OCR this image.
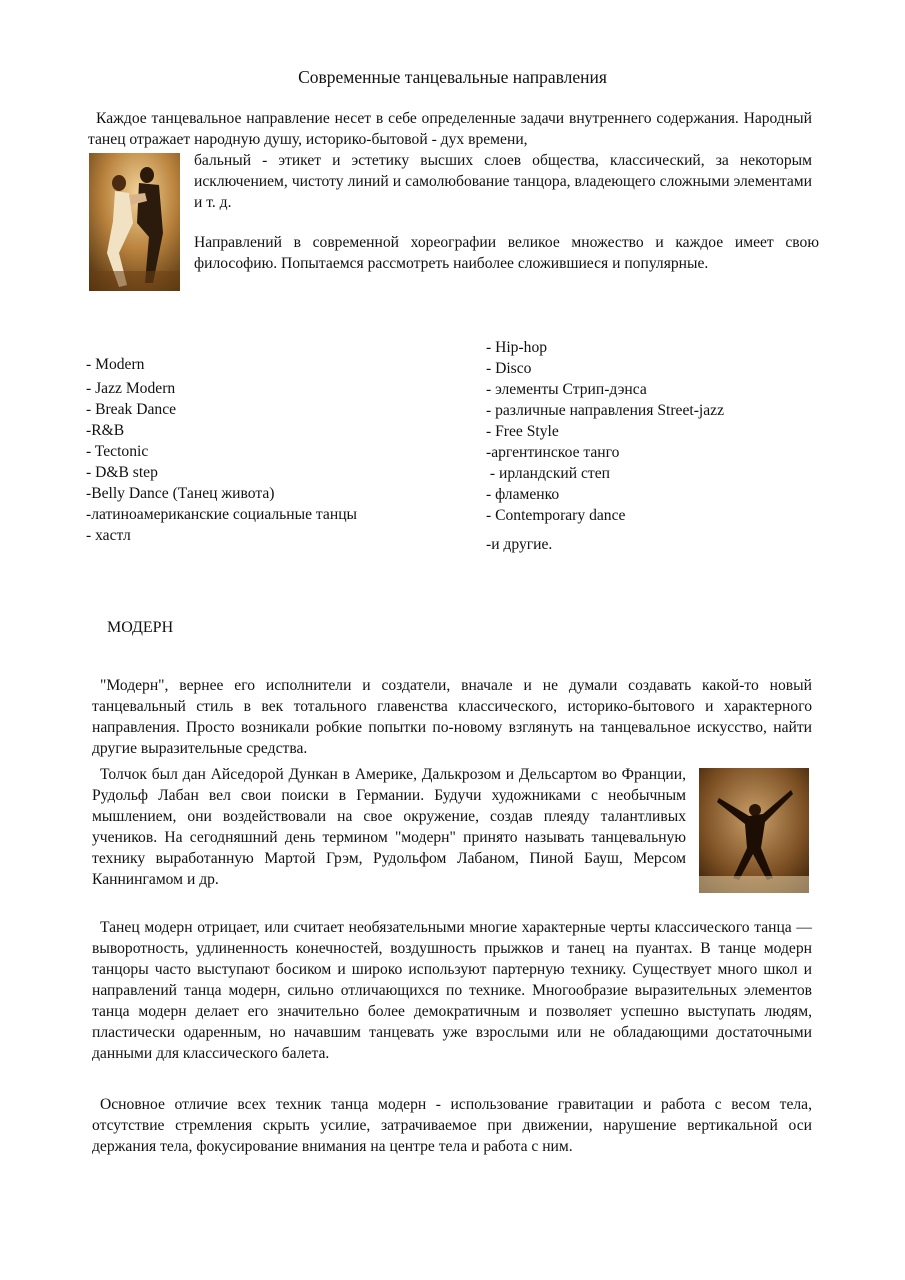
Современные танцевальные направления

Каждое танцевальное направление несет в себе определенные задачи внутреннего содержания. Народный танец отражает народную душу, историко-бытовой - дух времени,

бальный - этикет и эстетику высших слоев общества, классический, за некоторым исключением, чистоту линий и самолюбование танцора, владеющего сложными элементами и т. д.

Направлений в современной хореографии великое множество и каждое имеет свою философию. Попытаемся рассмотреть наиболее сложившиеся и популярные.

- Modern
- Jazz Modern
- Break Dance
-R&B
- Tectonic
- D&B step
-Belly Dance (Танец живота)
-латиноамериканские социальные танцы
- хастл
- Hip-hop
- Disco
- элементы Стрип-дэнса
- различные направления Street-jazz
- Free Style
-аргентинское танго
- ирландский степ
- фламенко
- Contemporary dance
-и другие.
МОДЕРН

"Модерн", вернее его исполнители и создатели, вначале и не думали создавать какой-то новый танцевальный стиль в век тотального главенства классического, историко-бытового и характерного направления. Просто возникали робкие попытки по-новому взглянуть на танцевальное искусство, найти другие выразительные средства.

Толчок был дан Айседорой Дункан в Америке, Далькрозом и Дельсартом во Франции, Рудольф Лабан вел свои поиски в Германии. Будучи художниками с необычным мышлением, они воздействовали на свое окружение, создав плеяду талантливых учеников. На сегодняшний день термином "модерн" принято называть танцевальную технику выработанную Мартой Грэм, Рудольфом Лабаном, Пиной Бауш, Мерсом Каннингамом и др.

Танец модерн отрицает, или считает необязательными многие характерные черты классического танца — выворотность, удлиненность конечностей, воздушность прыжков и танец на пуантах. В танце модерн танцоры часто выступают босиком и широко используют партерную технику. Существует много школ и направлений танца модерн, сильно отличающихся по технике. Многообразие выразительных элементов танца модерн делает его значительно более демократичным и позволяет успешно выступать людям, пластически одаренным, но начавшим танцевать уже взрослыми или не обладающими достаточными данными для классического балета.

Основное отличие всех техник танца модерн - использование гравитации и работа с весом тела, отсутствие стремления скрыть усилие, затрачиваемое при движении, нарушение вертикальной оси держания тела, фокусирование внимания на центре тела и работа с ним.
